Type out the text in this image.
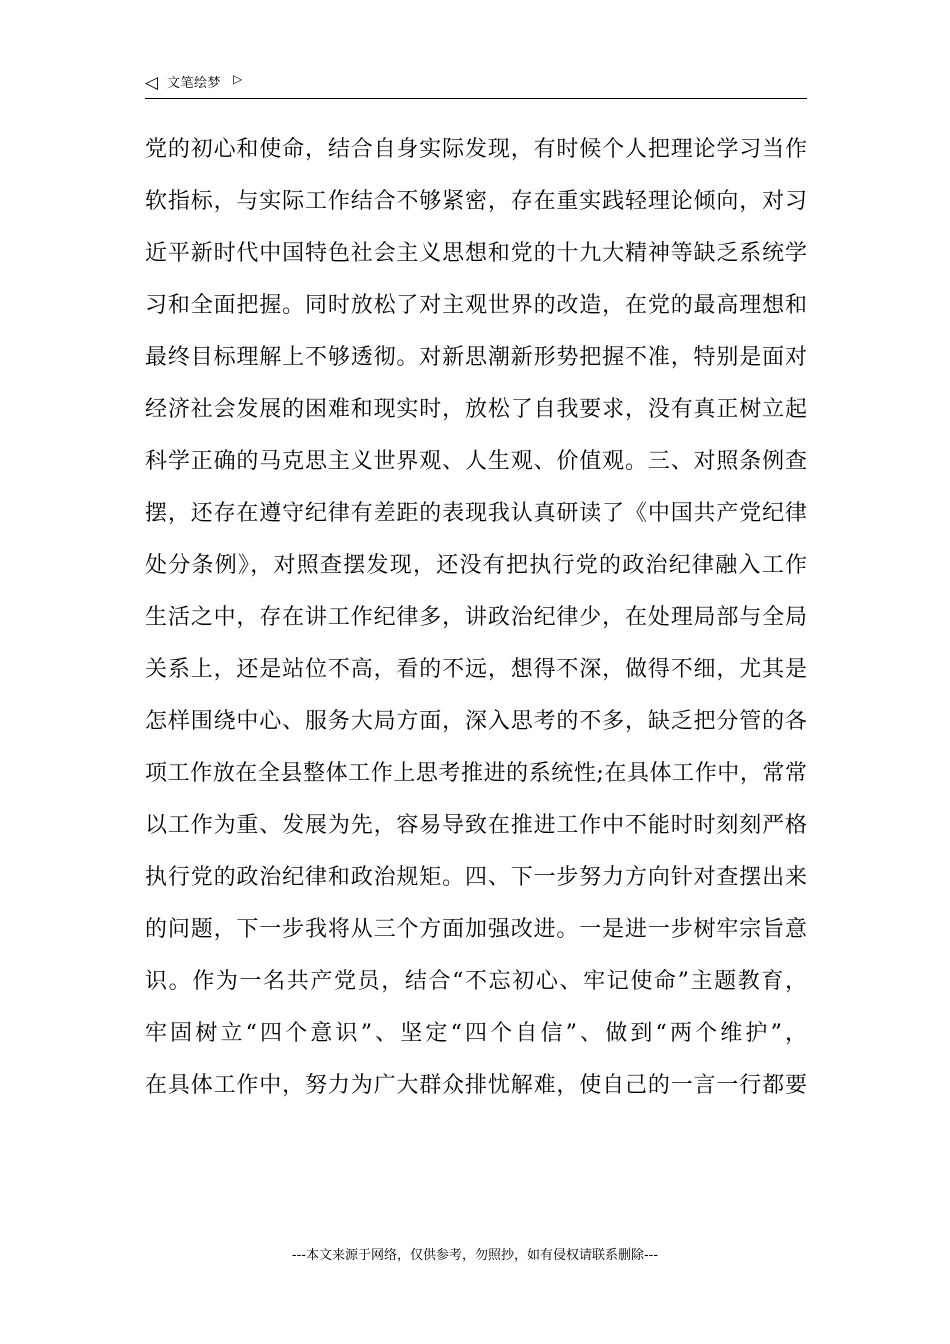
◁ 文笔绘梦 ▷
党的初心和使命，结合自身实际发现，有时候个人把理论学习当作
软指标，与实际工作结合不够紧密，存在重实践轻理论倾向，对习
近平新时代中国特色社会主义思想和党的十九大精神等缺乏系统学
习和全面把握。同时放松了对主观世界的改造，在党的最高理想和
最终目标理解上不够透彻。对新思潮新形势把握不准，特别是面对
经济社会发展的困难和现实时，放松了自我要求，没有真正树立起
科学正确的马克思主义世界观、人生观、价值观。三、对照条例查
摆，还存在遵守纪律有差距的表现我认真研读了《中国共产党纪律
处分条例》，对照查摆发现，还没有把执行党的政治纪律融入工作
生活之中，存在讲工作纪律多，讲政治纪律少，在处理局部与全局
关系上，还是站位不高，看的不远，想得不深，做得不细，尤其是
怎样围绕中心、服务大局方面，深入思考的不多，缺乏把分管的各
项工作放在全县整体工作上思考推进的系统性;在具体工作中，常常
以工作为重、发展为先，容易导致在推进工作中不能时时刻刻严格
执行党的政治纪律和政治规矩。四、下一步努力方向针对查摆出来
的问题，下一步我将从三个方面加强改进。一是进一步树牢宗旨意
识。作为一名共产党员，结合“不忘初心、牢记使命”主题教育，
牢固树立“四个意识”、坚定“四个自信”、做到“两个维护”，
在具体工作中，努力为广大群众排忧解难，使自己的一言一行都要
---本文来源于网络，仅供参考，勿照抄，如有侵权请联系删除---
